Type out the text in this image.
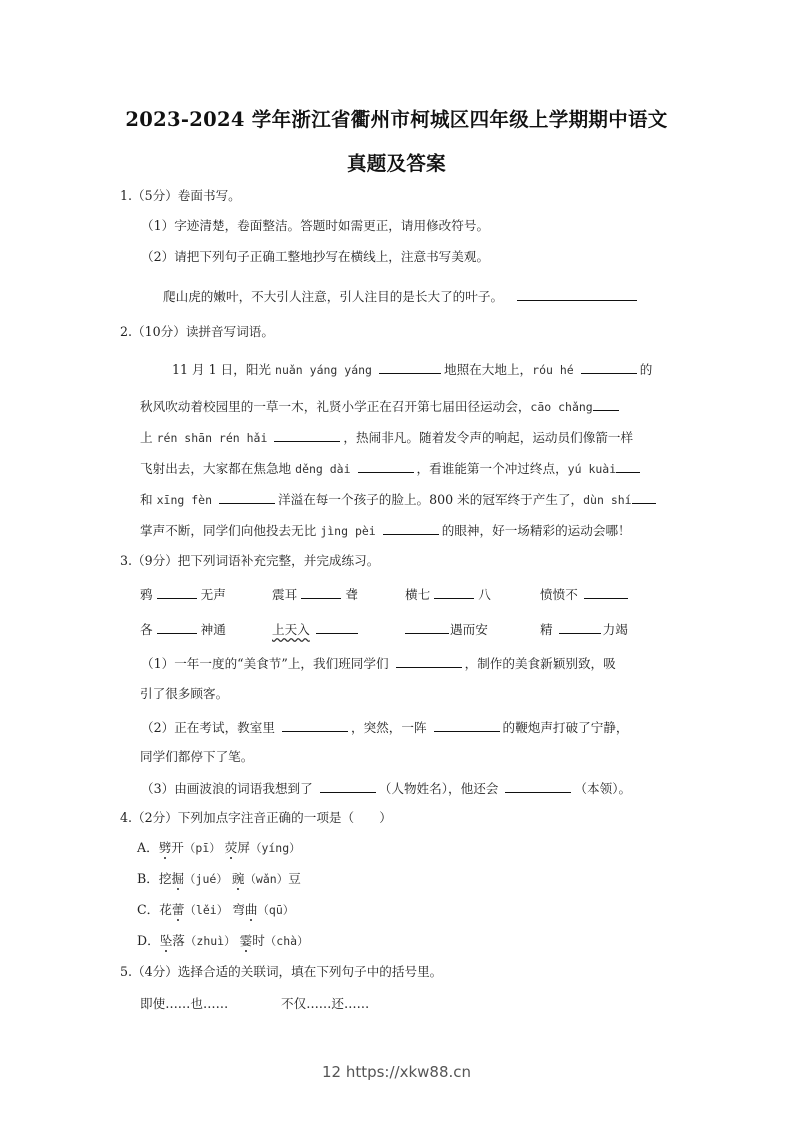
2023-2024 学年浙江省衢州市柯城区四年级上学期期中语文
真题及答案
1.（5分）卷面书写。
（1）字迹清楚，卷面整洁。答题时如需更正，请用修改符号。
（2）请把下列句子正确工整地抄写在横线上，注意书写美观。
爬山虎的嫩叶，不大引人注意，引人注目的是长大了的叶子。
2.（10分）读拼音写词语。
11 月 1 日，阳光 nuǎn yáng yáng	地照在大地上，róu hé	的
秋风吹动着校园里的一草一木，礼贤小学正在召开第七届田径运动会，cāo chǎng
上 rén shān rén hǎi	，热闹非凡。随着发令声的响起，运动员们像箭一样
飞射出去，大家都在焦急地 děng dài	，看谁能第一个冲过终点，yú kuài
和 xīng fèn	洋溢在每一个孩子的脸上。800 米的冠军终于产生了，dùn shí
掌声不断，同学们向他投去无比 jìng pèi	的眼神，好一场精彩的运动会哪！
3.（9分）把下列词语补充完整，并完成练习。
鸦	无声	震耳	聋	横七	八	愤愤不
各	神通	上天入	遇而安	精	力竭
（1）一年一度的“美食节”上，我们班同学们	，制作的美食新颖别致，吸
引了很多顾客。
（2）正在考试，教室里	，突然，一阵	的鞭炮声打破了宁静，
同学们都停下了笔。
（3）由画波浪的词语我想到了	（人物姓名），他还会	（本领）。
4.（2分）下列加点字注音正确的一项是（　　）
A．劈开（pī） 荧屏（yíng）
B．挖掘（jué） 豌（wǎn）豆
C．花蕾（lěi） 弯曲（qū）
D．坠落（zhuì） 霎时（chà）
5.（4分）选择合适的关联词，填在下列句子中的括号里。
即使……也……	不仅……还……
12 https://xkw88.cn
